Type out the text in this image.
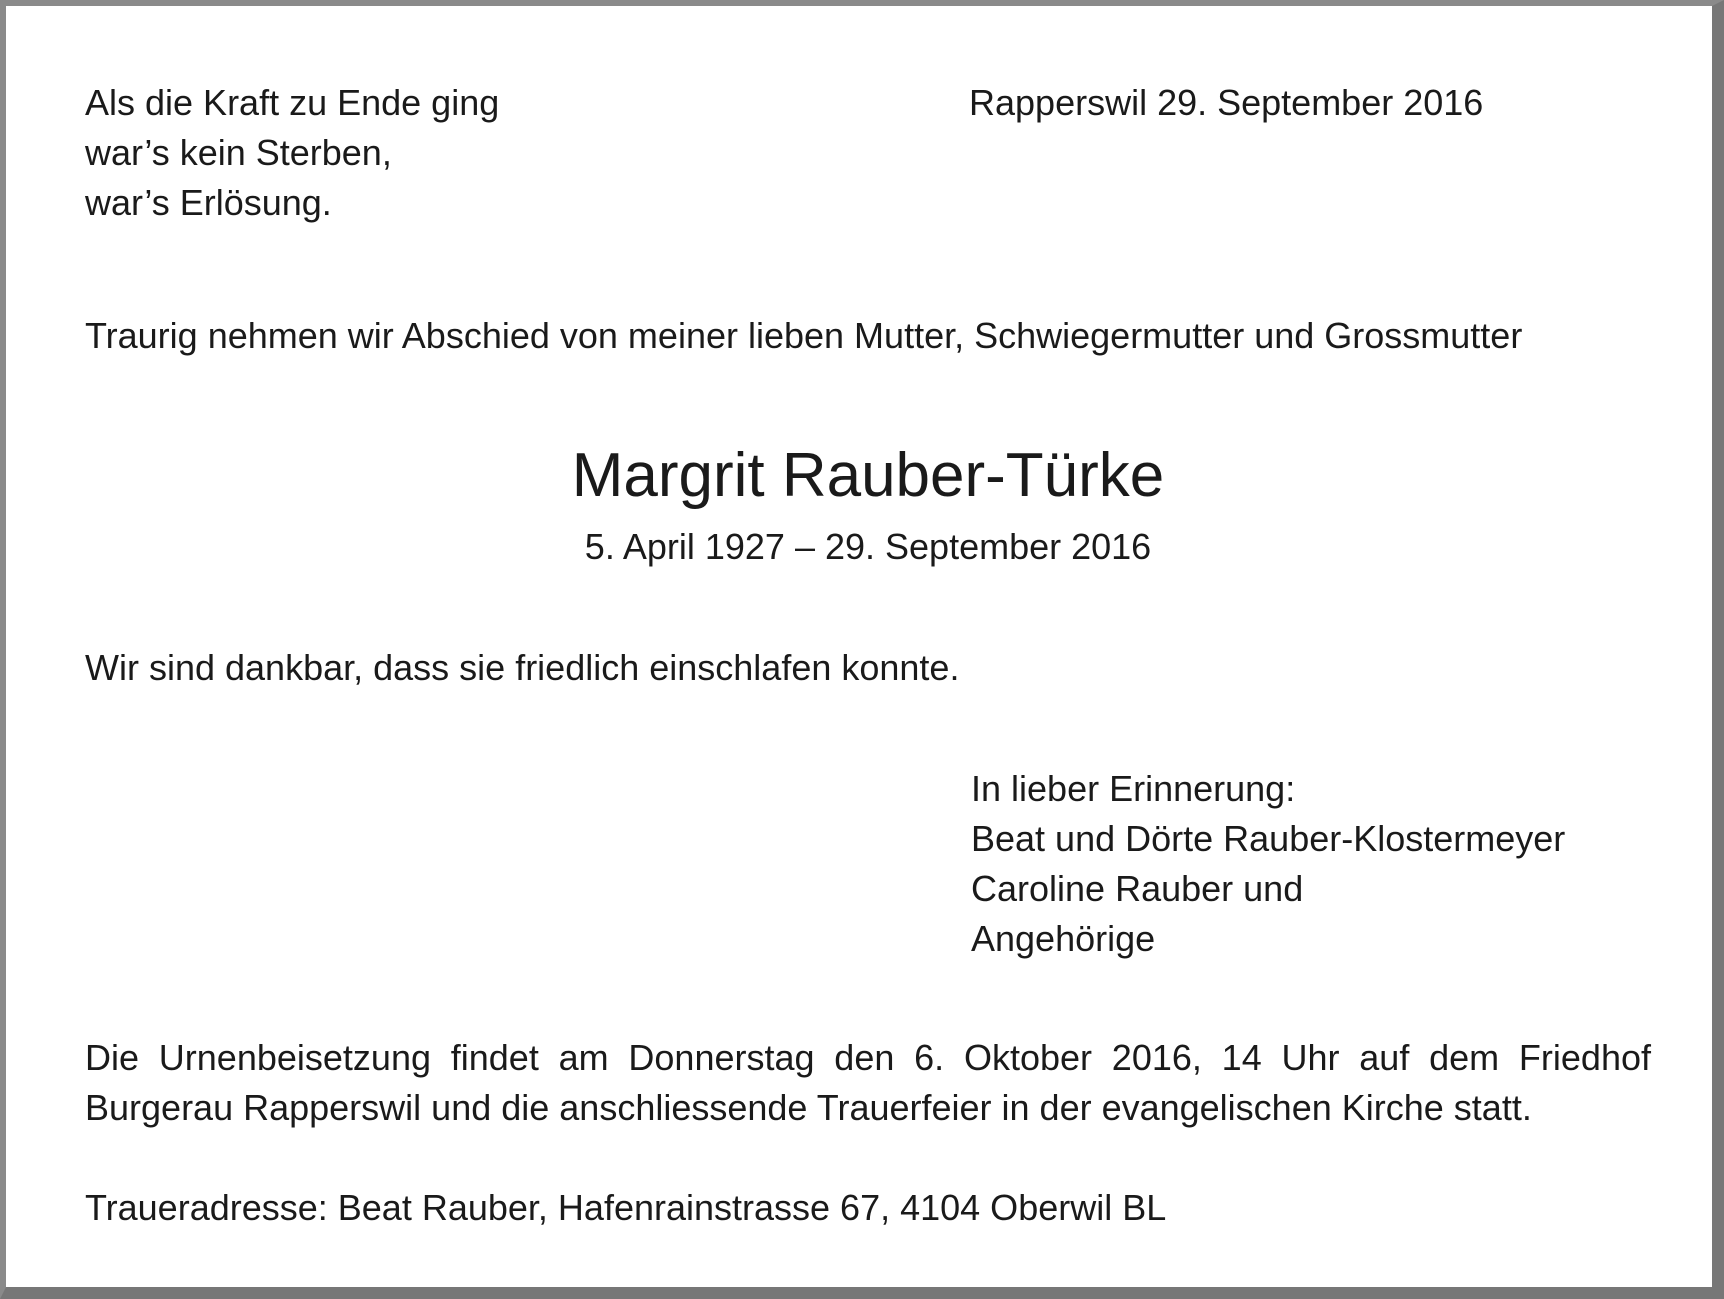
Als die Kraft zu Ende ging
war’s kein Sterben,
war’s Erlösung.
Rapperswil 29. September 2016
Traurig nehmen wir Abschied von meiner lieben Mutter, Schwiegermutter und Grossmutter
Margrit Rauber-Türke
5. April 1927 – 29. September 2016
Wir sind dankbar, dass sie friedlich einschlafen konnte.
In lieber Erinnerung:
Beat und Dörte Rauber-Klostermeyer
Caroline Rauber und
Angehörige
Die Urnenbeisetzung findet am Donnerstag den 6. Oktober 2016, 14 Uhr auf dem Friedhof
Burgerau Rapperswil und die anschliessende Trauerfeier in der evangelischen Kirche statt.
Traueradresse: Beat Rauber, Hafenrainstrasse 67, 4104 Oberwil BL
